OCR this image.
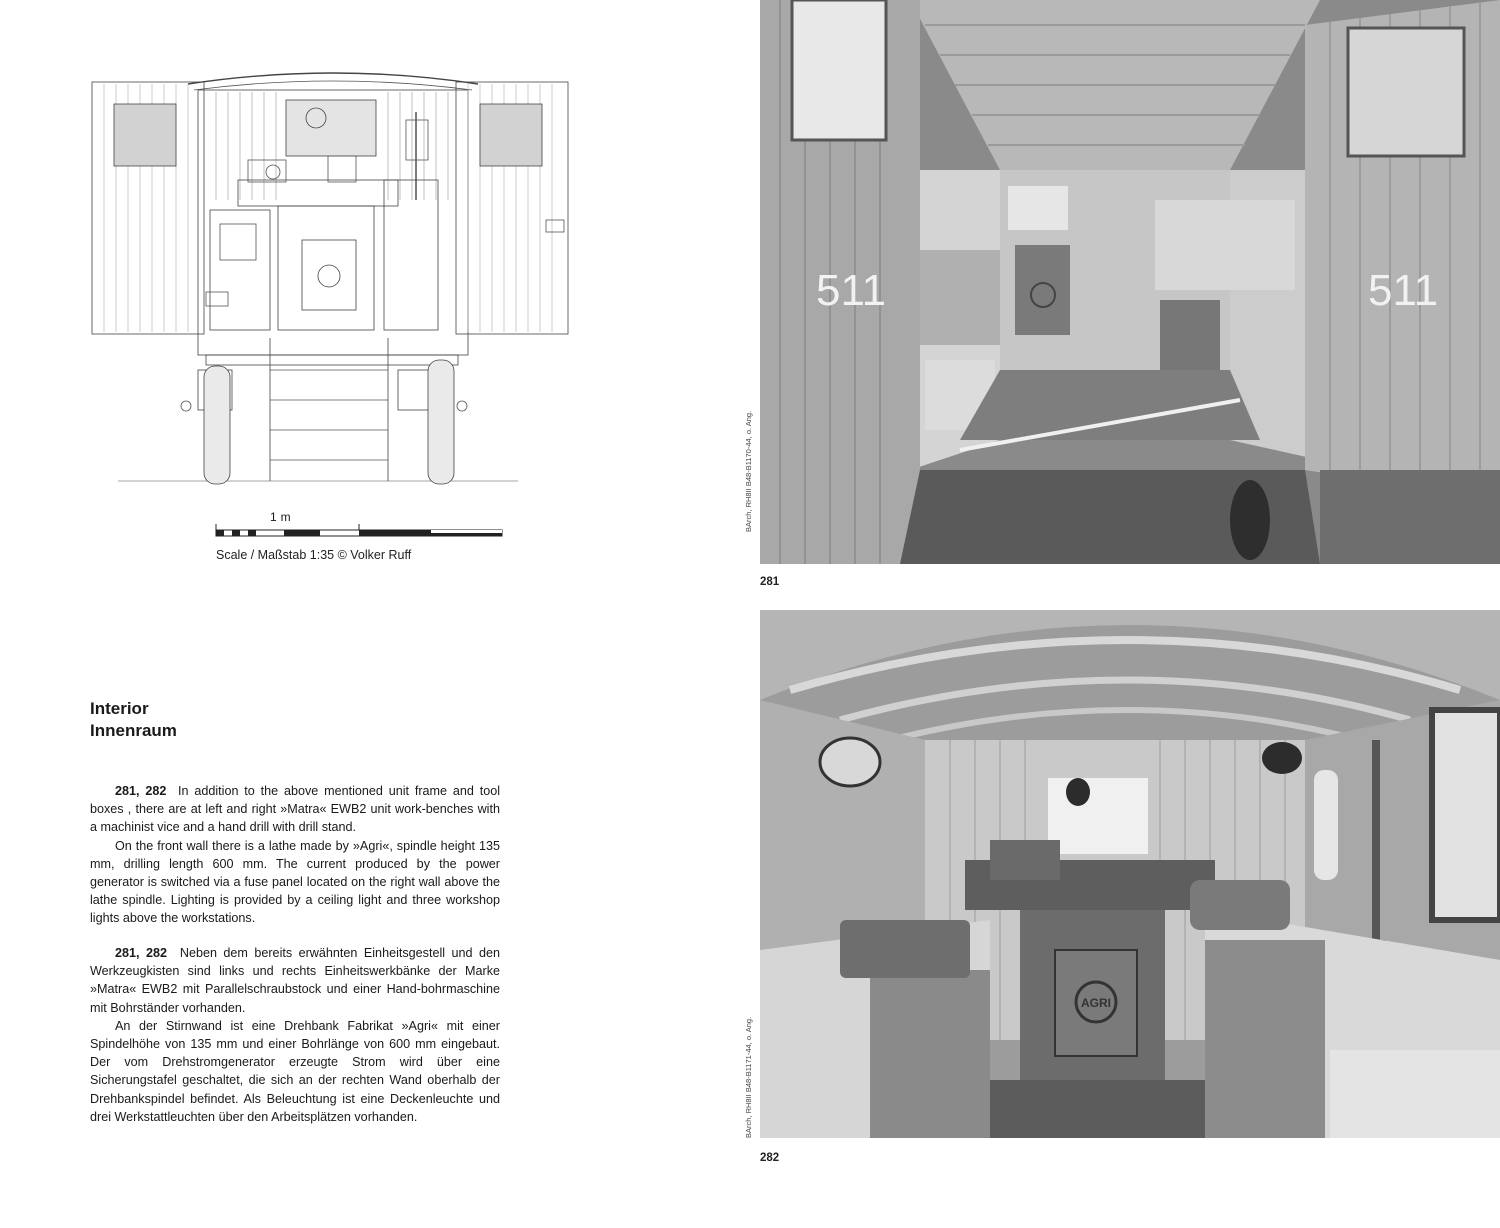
1 m
Scale / Maßstab 1:35 © Volker Ruff
Interior
Innenraum

281, 282 In addition to the above mentioned unit frame and tool boxes , there are at left and right »Matra« EWB2 unit work-benches with a machinist vice and a hand drill with drill stand.

On the front wall there is a lathe made by »Agri«, spindle height 135 mm, drilling length 600 mm. The current produced by the power generator is switched via a fuse panel located on the right wall above the lathe spindle. Lighting is provided by a ceiling light and three workshop lights above the workstations.

281, 282 Neben dem bereits erwähnten Einheitsgestell und den Werkzeugkisten sind links und rechts Einheitswerkbänke der Marke »Matra« EWB2 mit Parallelschraubstock und einer Hand-bohrmaschine mit Bohrständer vorhanden.

An der Stirnwand ist eine Drehbank Fabrikat »Agri« mit einer Spindelhöhe von 135 mm und einer Bohrlänge von 600 mm eingebaut. Der vom Drehstromgenerator erzeugte Strom wird über eine Sicherungstafel geschaltet, die sich an der rechten Wand oberhalb der Drehbankspindel befindet. Als Beleuchtung ist eine Deckenleuchte und drei Werkstattleuchten über den Arbeitsplätzen vorhanden.

511	511
281
BArch, RH8II B48-B1170-44, o. Ang.
AGRI
282
BArch, RH8II B48-B1171-44, o. Ang.
